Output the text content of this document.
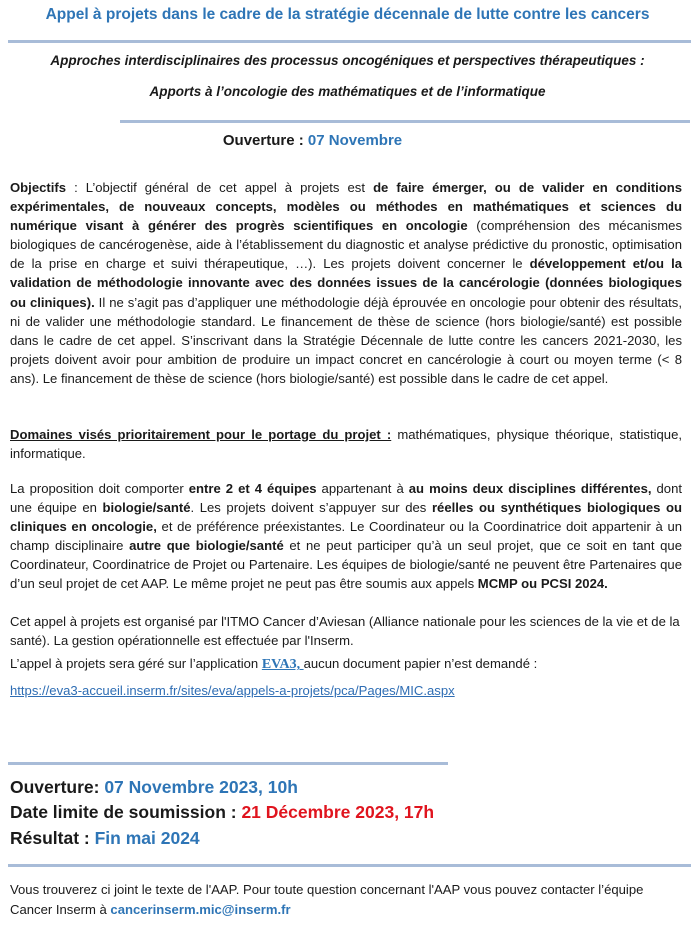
Appel à projets dans le cadre de la stratégie décennale de lutte contre les cancers
Approches interdisciplinaires des processus oncogéniques et perspectives thérapeutiques :
Apports à l’oncologie des mathématiques et de l’informatique
Ouverture : 07 Novembre
Objectifs : L’objectif général de cet appel à projets est de faire émerger, ou de valider en conditions expérimentales, de nouveaux concepts, modèles ou méthodes en mathématiques et sciences du numérique visant à générer des progrès scientifiques en oncologie (compréhension des mécanismes biologiques de cancérogenèse, aide à l’établissement du diagnostic et analyse prédictive du pronostic, optimisation de la prise en charge et suivi thérapeutique, …). Les projets doivent concerner le développement et/ou la validation de méthodologie innovante avec des données issues de la cancérologie (données biologiques ou cliniques). Il ne s’agit pas d’appliquer une méthodologie déjà éprouvée en oncologie pour obtenir des résultats, ni de valider une méthodologie standard. Le financement de thèse de science (hors biologie/santé) est possible dans le cadre de cet appel. S’inscrivant dans la Stratégie Décennale de lutte contre les cancers 2021-2030, les projets doivent avoir pour ambition de produire un impact concret en cancérologie à court ou moyen terme (< 8 ans). Le financement de thèse de science (hors biologie/santé) est possible dans le cadre de cet appel.
Domaines visés prioritairement pour le portage du projet : mathématiques, physique théorique, statistique, informatique.
La proposition doit comporter entre 2 et 4 équipes appartenant à au moins deux disciplines différentes, dont une équipe en biologie/santé. Les projets doivent s’appuyer sur des réelles ou synthétiques biologiques ou cliniques en oncologie, et de préférence préexistantes. Le Coordinateur ou la Coordinatrice doit appartenir à un champ disciplinaire autre que biologie/santé et ne peut participer qu’à un seul projet, que ce soit en tant que Coordinateur, Coordinatrice de Projet ou Partenaire. Les équipes de biologie/santé ne peuvent être Partenaires que d’un seul projet de cet AAP. Le même projet ne peut pas être soumis aux appels MCMP ou PCSI 2024.
Cet appel à projets est organisé par l'ITMO Cancer d’Aviesan (Alliance nationale pour les sciences de la vie et de la santé). La gestion opérationnelle est effectuée par l'Inserm.
L’appel à projets sera géré sur l’application EVA3, aucun document papier n’est demandé :
https://eva3-accueil.inserm.fr/sites/eva/appels-a-projets/pca/Pages/MIC.aspx
Ouverture: 07 Novembre 2023, 10h
Date limite de soumission : 21 Décembre 2023, 17h
Résultat : Fin mai 2024
Vous trouverez ci joint le texte de l'AAP. Pour toute question concernant l'AAP vous pouvez contacter l’équipe Cancer Inserm à cancerinserm.mic@inserm.fr
